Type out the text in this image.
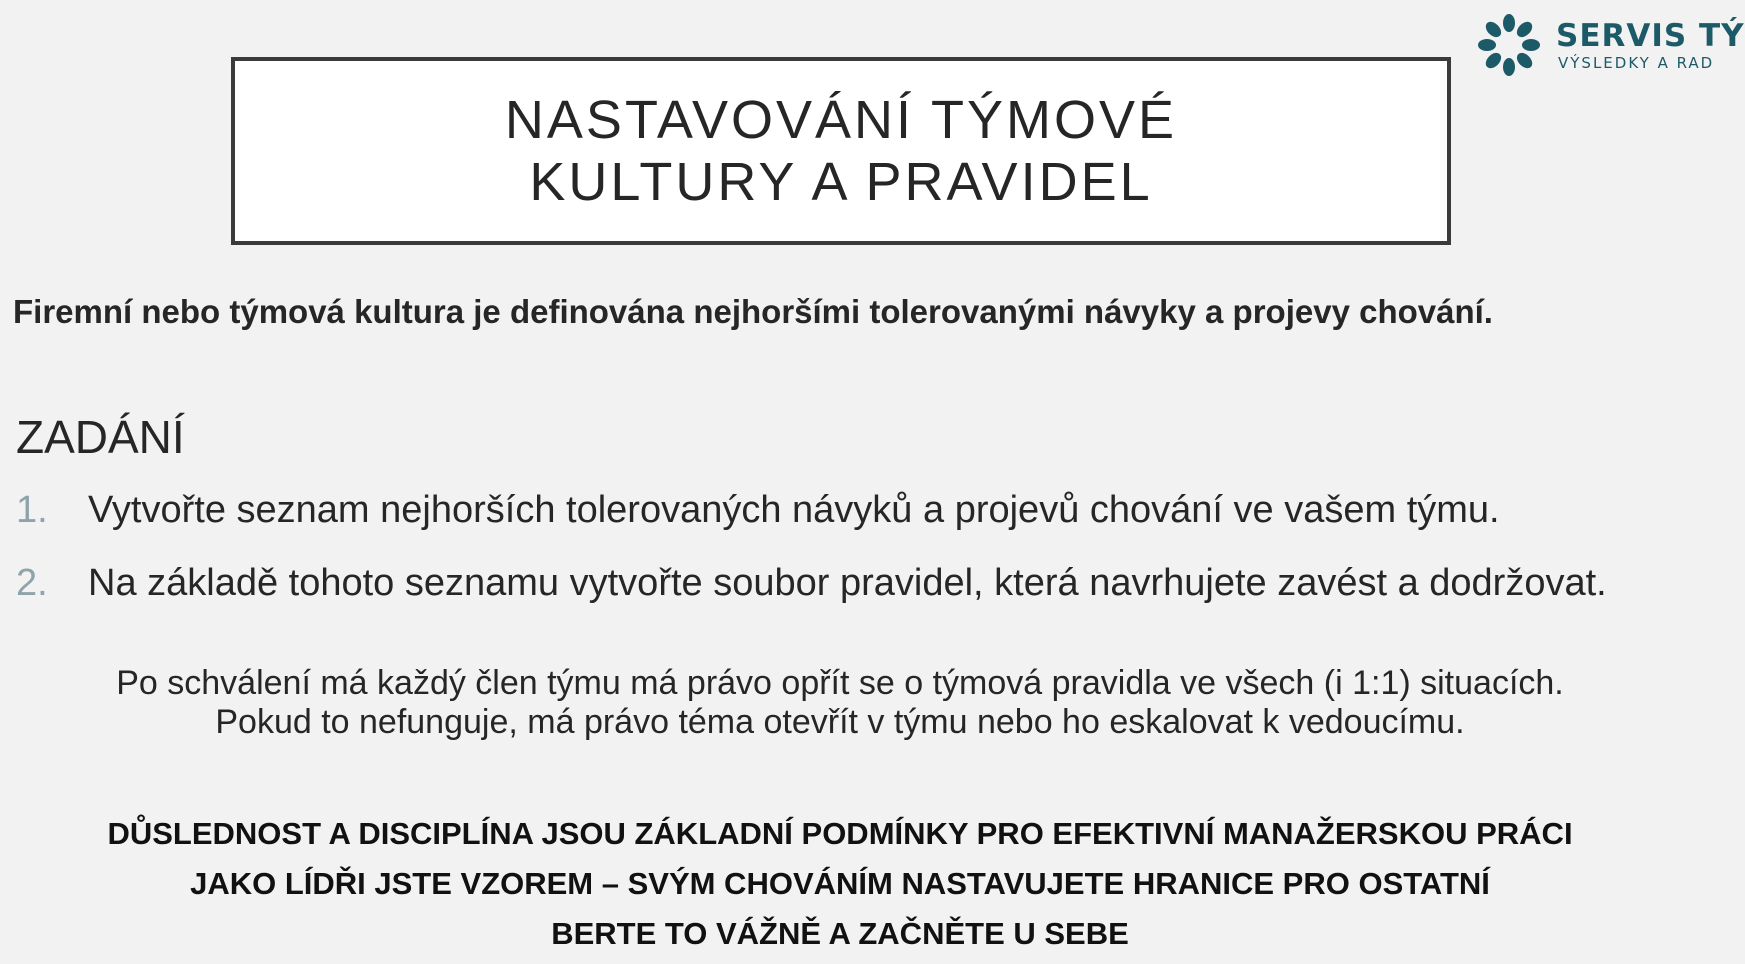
SERVIS TÝ
VÝSLEDKY A RAD
NASTAVOVÁNÍ TÝMOVÉ
KULTURY A PRAVIDEL
Firemní nebo týmová kultura je definována nejhoršími tolerovanými návyky a projevy chování.
ZADÁNÍ
1.	Vytvořte seznam nejhorších tolerovaných návyků a projevů chování ve vašem týmu.
2.	Na základě tohoto seznamu vytvořte soubor pravidel, která navrhujete zavést a dodržovat.
Po schválení má každý člen týmu má právo opřít se o týmová pravidla ve všech (i 1:1) situacích.
Pokud to nefunguje, má právo téma otevřít v týmu nebo ho eskalovat k vedoucímu.
DŮSLEDNOST A DISCIPLÍNA JSOU ZÁKLADNÍ PODMÍNKY PRO EFEKTIVNÍ MANAŽERSKOU PRÁCI
JAKO LÍDŘI JSTE VZOREM – SVÝM CHOVÁNÍM NASTAVUJETE HRANICE PRO OSTATNÍ
BERTE TO VÁŽNĚ A ZAČNĚTE U SEBE
